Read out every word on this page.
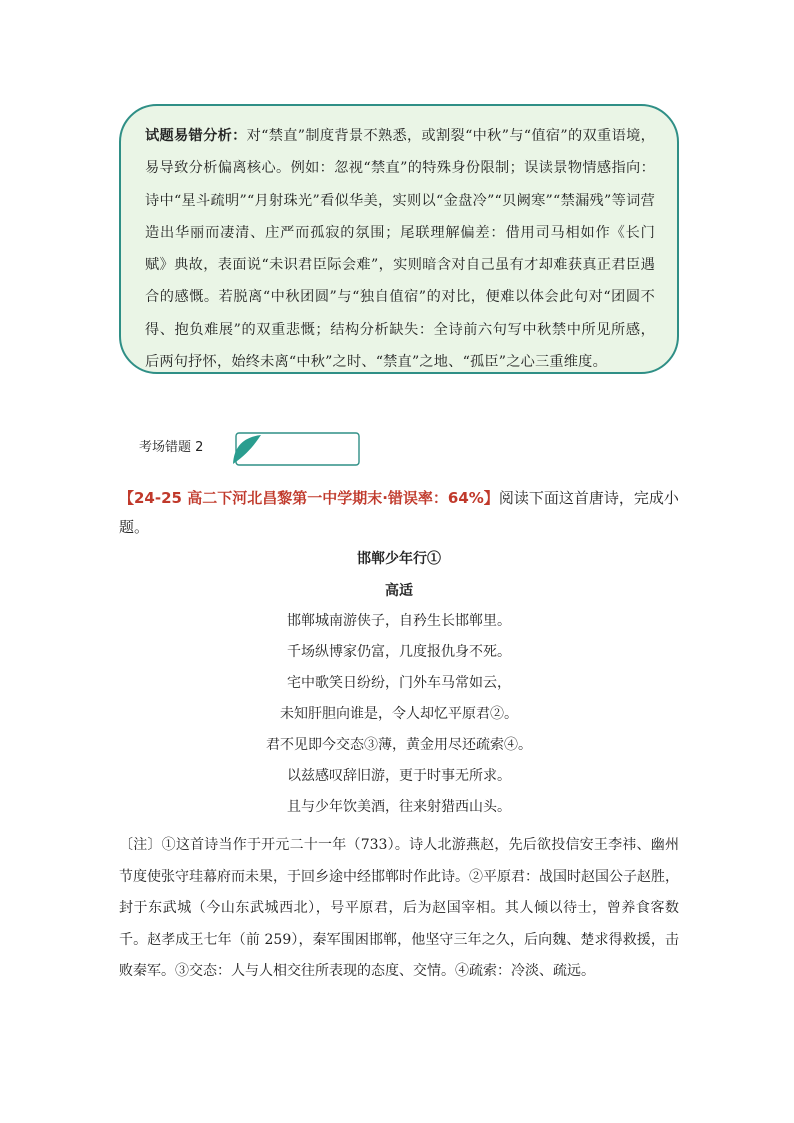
试题易错分析：对“禁直”制度背景不熟悉，或割裂“中秋”与“值宿”的双重语境，易导致分析偏离核心。例如：忽视“禁直”的特殊身份限制；误读景物情感指向：诗中“星斗疏明”“月射珠光”看似华美，实则以“金盘冷”“贝阙寒”“禁漏残”等词营造出华丽而凄清、庄严而孤寂的氛围；尾联理解偏差：借用司马相如作《长门赋》典故，表面说“未识君臣际会难”，实则暗含对自己虽有才却难获真正君臣遇合的感慨。若脱离“中秋团圆”与“独自值宿”的对比，便难以体会此句对“团圆不得、抱负难展”的双重悲慨；结构分析缺失：全诗前六句写中秋禁中所见所感，后两句抒怀，始终未离“中秋”之时、“禁直”之地、“孤臣”之心三重维度。

考场错题 2

【24-25 高二下河北昌黎第一中学期末·错误率：64%】阅读下面这首唐诗，完成小题。

邯郸少年行①

高适

邯郸城南游侠子，自矜生长邯郸里。
千场纵博家仍富，几度报仇身不死。
宅中歌笑日纷纷，门外车马常如云，
未知肝胆向谁是，令人却忆平原君②。
君不见即今交态③薄，黄金用尽还疏索④。
以兹感叹辞旧游，更于时事无所求。
且与少年饮美酒，往来射猎西山头。

〔注〕①这首诗当作于开元二十一年（733）。诗人北游燕赵，先后欲投信安王李祎、幽州节度使张守珪幕府而未果，于回乡途中经邯郸时作此诗。②平原君：战国时赵国公子赵胜，封于东武城（今山东武城西北），号平原君，后为赵国宰相。其人倾以待士，曾养食客数千。赵孝成王七年（前 259），秦军围困邯郸，他坚守三年之久，后向魏、楚求得救援，击败秦军。③交态：人与人相交往所表现的态度、交情。④疏索：冷淡、疏远。
